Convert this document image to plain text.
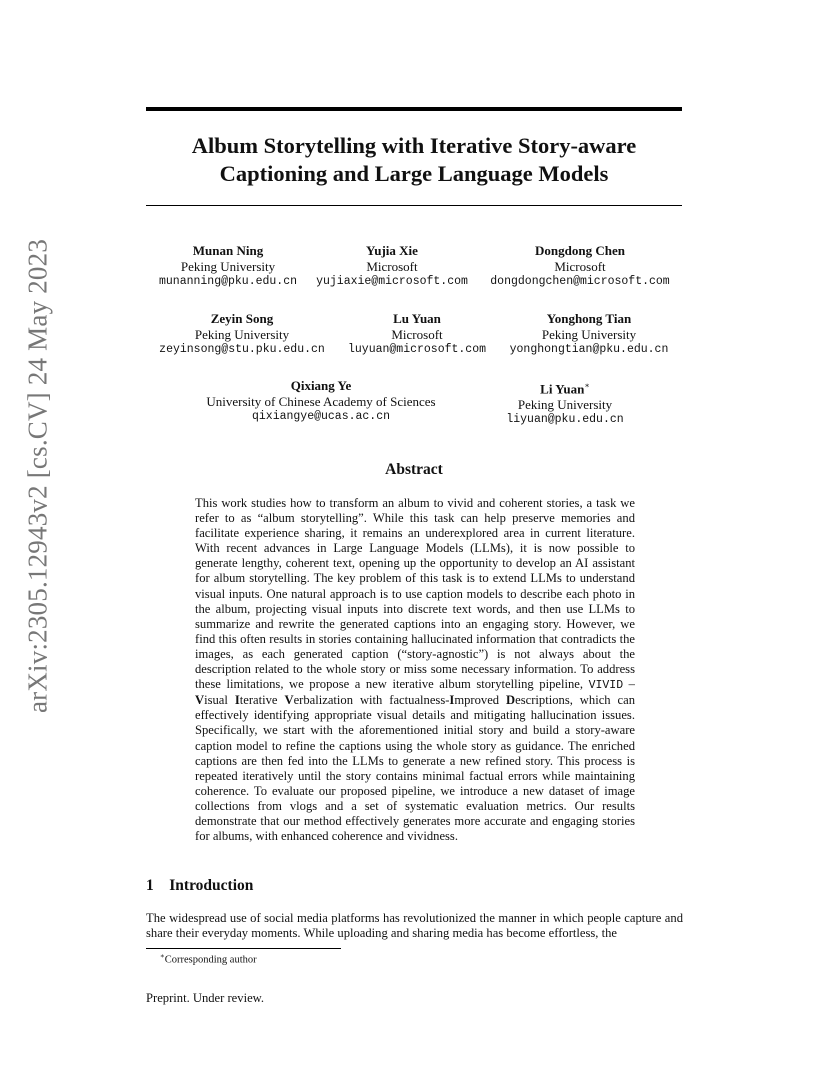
Album Storytelling with Iterative Story-aware
Captioning and Large Language Models
Munan Ning
Peking University
munanning@pku.edu.cn
Yujia Xie
Microsoft
yujiaxie@microsoft.com
Dongdong Chen
Microsoft
dongdongchen@microsoft.com
Zeyin Song
Peking University
zeyinsong@stu.pku.edu.cn
Lu Yuan
Microsoft
luyuan@microsoft.com
Yonghong Tian
Peking University
yonghongtian@pku.edu.cn
Qixiang Ye
University of Chinese Academy of Sciences
qixiangye@ucas.ac.cn
Li Yuan∗
Peking University
liyuan@pku.edu.cn
arXiv:2305.12943v2 [cs.CV] 24 May 2023	Abstract
This work studies how to transform an album to vivid and coherent stories, a task we refer to as “album storytelling”. While this task can help preserve memories and facilitate experience sharing, it remains an underexplored area in current literature. With recent advances in Large Language Models (LLMs), it is now possible to generate lengthy, coherent text, opening up the opportunity to develop an AI assistant for album storytelling. The key problem of this task is to extend LLMs to understand visual inputs. One natural approach is to use caption models to describe each photo in the album, projecting visual inputs into discrete text words, and then use LLMs to summarize and rewrite the generated captions into an engaging story. However, we find this often results in stories containing hallucinated information that contradicts the images, as each generated caption (“story-agnostic”) is not always about the description related to the whole story or miss some necessary information. To address these limitations, we propose a new iterative album storytelling pipeline, VIVID – Visual Iterative Verbalization with factualness-Improved Descriptions, which can effectively identifying appropriate visual details and mitigating hallucination issues. Specifically, we start with the aforementioned initial story and build a story-aware caption model to refine the captions using the whole story as guidance. The enriched captions are then fed into the LLMs to generate a new refined story. This process is repeated iteratively until the story contains minimal factual errors while maintaining coherence. To evaluate our proposed pipeline, we introduce a new dataset of image collections from vlogs and a set of systematic evaluation metrics. Our results demonstrate that our method effectively generates more accurate and engaging stories for albums, with enhanced coherence and vividness.
1 Introduction
The widespread use of social media platforms has revolutionized the manner in which people capture and share their everyday moments. While uploading and sharing media has become effortless, the
∗Corresponding author
Preprint. Under review.
